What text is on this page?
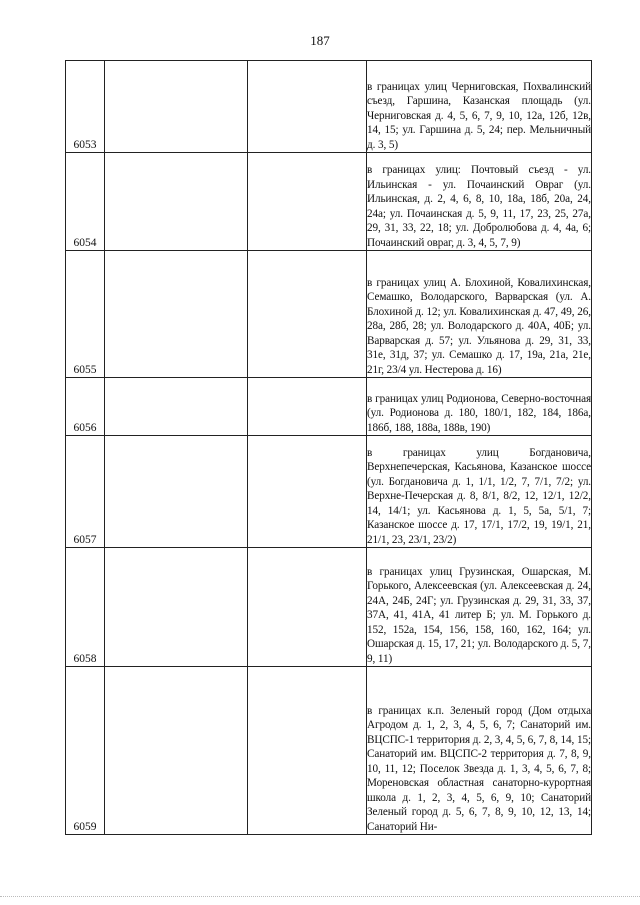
187
6053			в границах улиц Черниговская, Похвалинский съезд, Гаршина, Казанская площадь (ул. Черниговская д. 4, 5, 6, 7, 9, 10, 12а, 12б, 12в, 14, 15; ул. Гаршина д. 5, 24; пер. Мельничный д. 3, 5)
6054			в границах улиц: Почтовый съезд - ул. Ильинская - ул. Почаинский Овраг (ул. Ильинская, д. 2, 4, 6, 8, 10, 18а, 18б, 20а, 24, 24а; ул. Почаинская д. 5, 9, 11, 17, 23, 25, 27а, 29, 31, 33, 22, 18; ул. Добролюбова д. 4, 4а, 6; Почаинский овраг, д. 3, 4, 5, 7, 9)
6055			в границах улиц А. Блохиной, Ковалихинская, Семашко, Володарского, Варварская (ул. А. Блохиной д. 12; ул. Ковалихинская д. 47, 49, 26, 28а, 28б, 28; ул. Володарского д. 40А, 40Б; ул. Варварская д. 57; ул. Ульянова д. 29, 31, 33, 31е, 31д, 37; ул. Семашко д. 17, 19а, 21а, 21е, 21г, 23/4 ул. Нестерова д. 16)
6056			в границах улиц Родионова, Северно-восточная (ул. Родионова д. 180, 180/1, 182, 184, 186а, 186б, 188, 188а, 188в, 190)
6057			в границах улиц Богдановича, Верхнепечерская, Касьянова, Казанское шоссе (ул. Богдановича д. 1, 1/1, 1/2, 7, 7/1, 7/2; ул. Верхне-Печерская д. 8, 8/1, 8/2, 12, 12/1, 12/2, 14, 14/1; ул. Касьянова д. 1, 5, 5а, 5/1, 7; Казанское шоссе д. 17, 17/1, 17/2, 19, 19/1, 21, 21/1, 23, 23/1, 23/2)
6058			в границах улиц Грузинская, Ошарская, М. Горького, Алексеевская (ул. Алексеевская д. 24, 24А, 24Б, 24Г; ул. Грузинская д. 29, 31, 33, 37, 37А, 41, 41А, 41 литер Б; ул. М. Горького д. 152, 152а, 154, 156, 158, 160, 162, 164; ул. Ошарская д. 15, 17, 21; ул. Володарского д. 5, 7, 9, 11)
6059			в границах к.п. Зеленый город (Дом отдыха Агродом д. 1, 2, 3, 4, 5, 6, 7; Санаторий им. ВЦСПС-1 территория д. 2, 3, 4, 5, 6, 7, 8, 14, 15; Санаторий им. ВЦСПС-2 территория д. 7, 8, 9, 10, 11, 12; Поселок Звезда д. 1, 3, 4, 5, 6, 7, 8; Мореновская областная санаторно-курортная школа д. 1, 2, 3, 4, 5, 6, 9, 10; Санаторий Зеленый город д. 5, 6, 7, 8, 9, 10, 12, 13, 14; Санаторий Ни-
